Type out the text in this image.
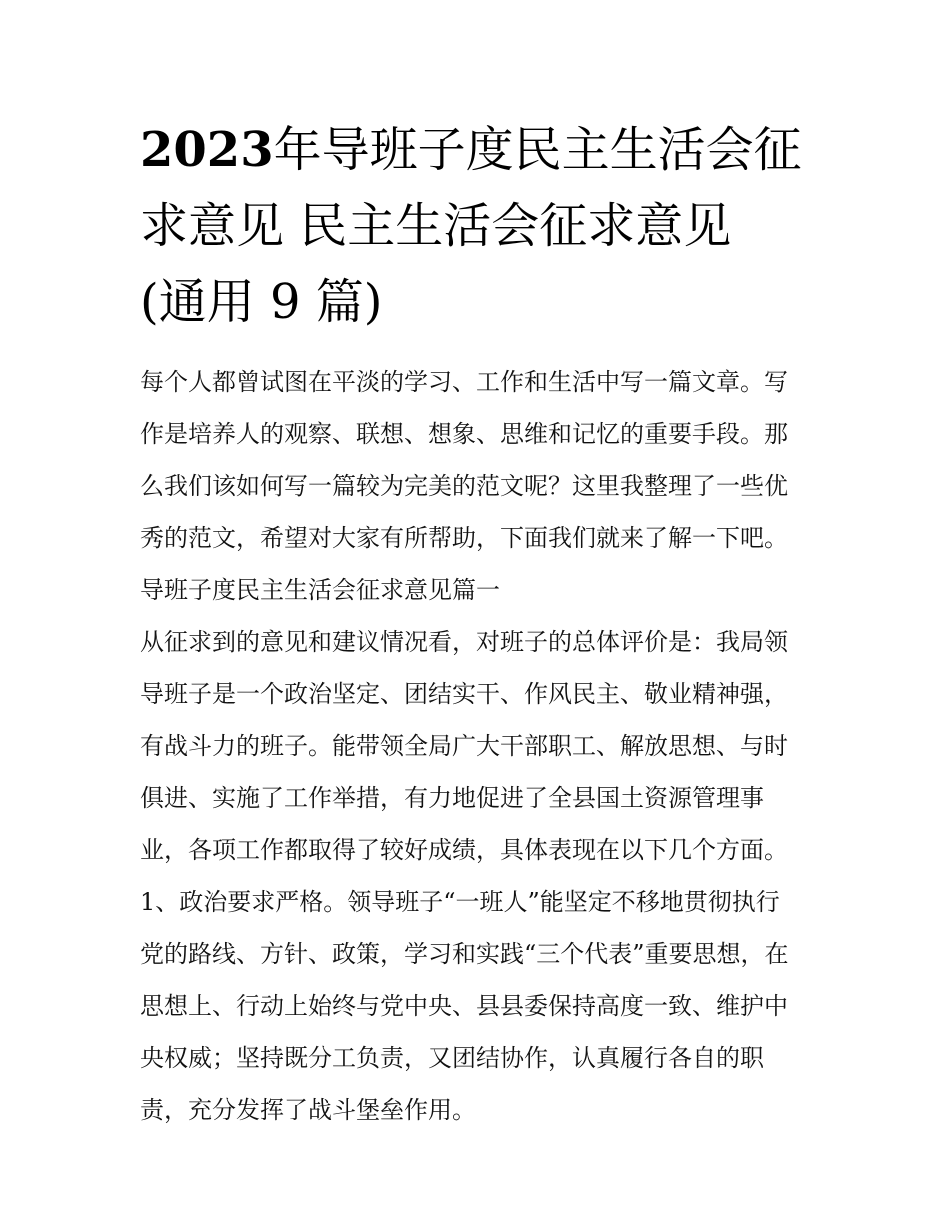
2023年导班子度民主生活会征
求意见 民主生活会征求意见
(通用 9 篇)

每个人都曾试图在平淡的学习、工作和生活中写一篇文章。写
作是培养人的观察、联想、想象、思维和记忆的重要手段。那
么我们该如何写一篇较为完美的范文呢？这里我整理了一些优
秀的范文，希望对大家有所帮助，下面我们就来了解一下吧。

导班子度民主生活会征求意见篇一

从征求到的意见和建议情况看，对班子的总体评价是：我局领
导班子是一个政治坚定、团结实干、作风民主、敬业精神强，
有战斗力的班子。能带领全局广大干部职工、解放思想、与时
俱进、实施了工作举措，有力地促进了全县国土资源管理事
业，各项工作都取得了较好成绩，具体表现在以下几个方面。

1、政治要求严格。领导班子“一班人”能坚定不移地贯彻执行
党的路线、方针、政策，学习和实践“三个代表”重要思想，在
思想上、行动上始终与党中央、县县委保持高度一致、维护中
央权威；坚持既分工负责，又团结协作，认真履行各自的职
责，充分发挥了战斗堡垒作用。
